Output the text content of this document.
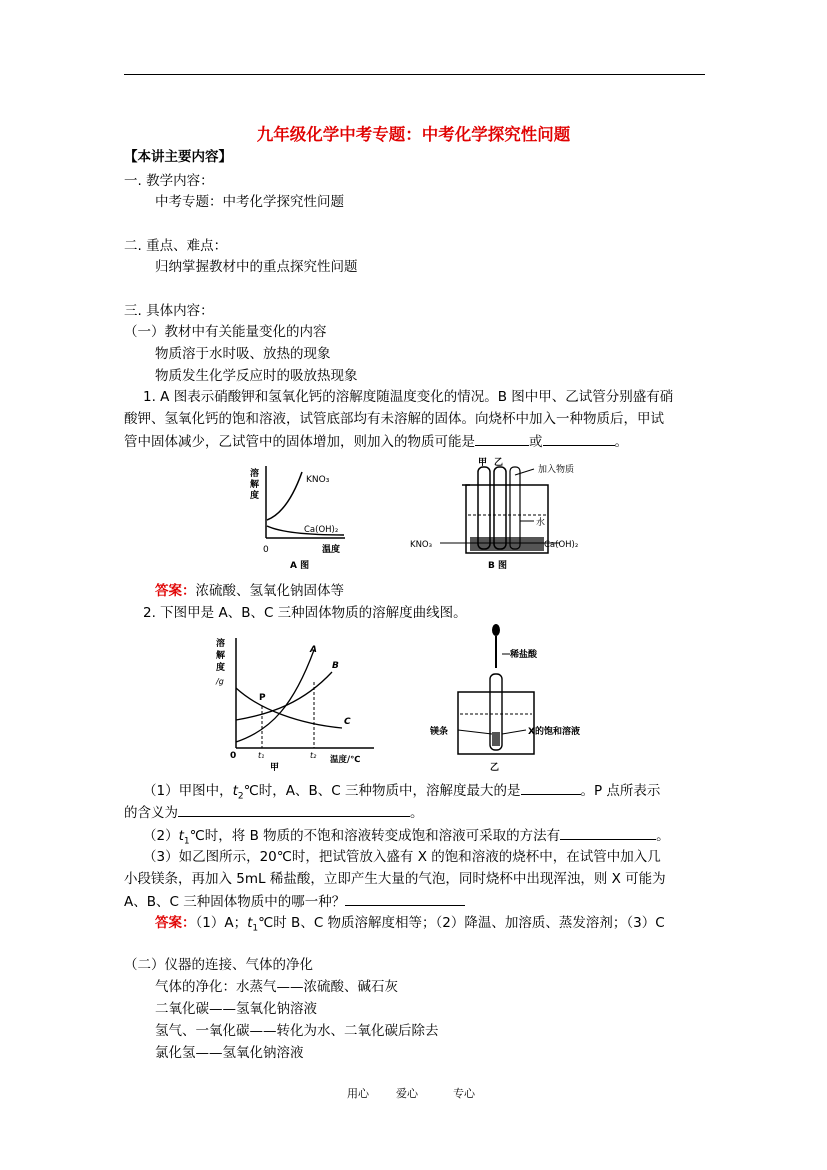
九年级化学中考专题：中考化学探究性问题
【本讲主要内容】
一. 教学内容：
中考专题：中考化学探究性问题
二. 重点、难点：
归纳掌握教材中的重点探究性问题
三. 具体内容：
（一）教材中有关能量变化的内容
物质溶于水时吸、放热的现象
物质发生化学反应时的吸放热现象
1. A 图表示硝酸钾和氢氧化钙的溶解度随温度变化的情况。B 图中甲、乙试管分别盛有硝
酸钾、氢氧化钙的饱和溶液，试管底部均有未溶解的固体。向烧杯中加入一种物质后，甲试
管中固体减少，乙试管中的固体增加，则加入的物质可能是	或	。
溶
解
度
KNO₃
Ca(OH)₂
0	温度
A 图
甲 乙
加入物质
水
KNO₃	Ca(OH)₂
B 图
答案：浓硫酸、氢氧化钠固体等
2. 下图甲是 A、B、C 三种固体物质的溶解度曲线图。
溶
解
度
/g
A
B
C
P
0	t₁	t₂ 温度/℃
甲
稀盐酸
镁条	X的饱和溶液
乙
（1）甲图中，$t_2℃$时，A、B、C 三种物质中，溶解度最大的是	。P 点所表示
的含义为	。
$(2)t_1℃$时，将 B 物质的不饱和溶液转变成饱和溶液可采取的方法有	。
（3）如乙图所示，20℃时，把试管放入盛有 X 的饱和溶液的烧杯中，在试管中加入几
小段镁条，再加入 5mL 稀盐酸，立即产生大量的气泡，同时烧杯中出现浑浊，则 X 可能为
A、B、C 三种固体物质中的哪一种？
答案：（1）A；$t_1℃$时 B、C 物质溶解度相等；（2）降温、加溶质、蒸发溶剂；（3）C
（二）仪器的连接、气体的净化
气体的净化：水蒸气——浓硫酸、碱石灰
二氧化碳——氢氧化钠溶液
氢气、一氧化碳——转化为水、二氧化碳后除去
氯化氢——氢氧化钠溶液
用心 爱心	专心
